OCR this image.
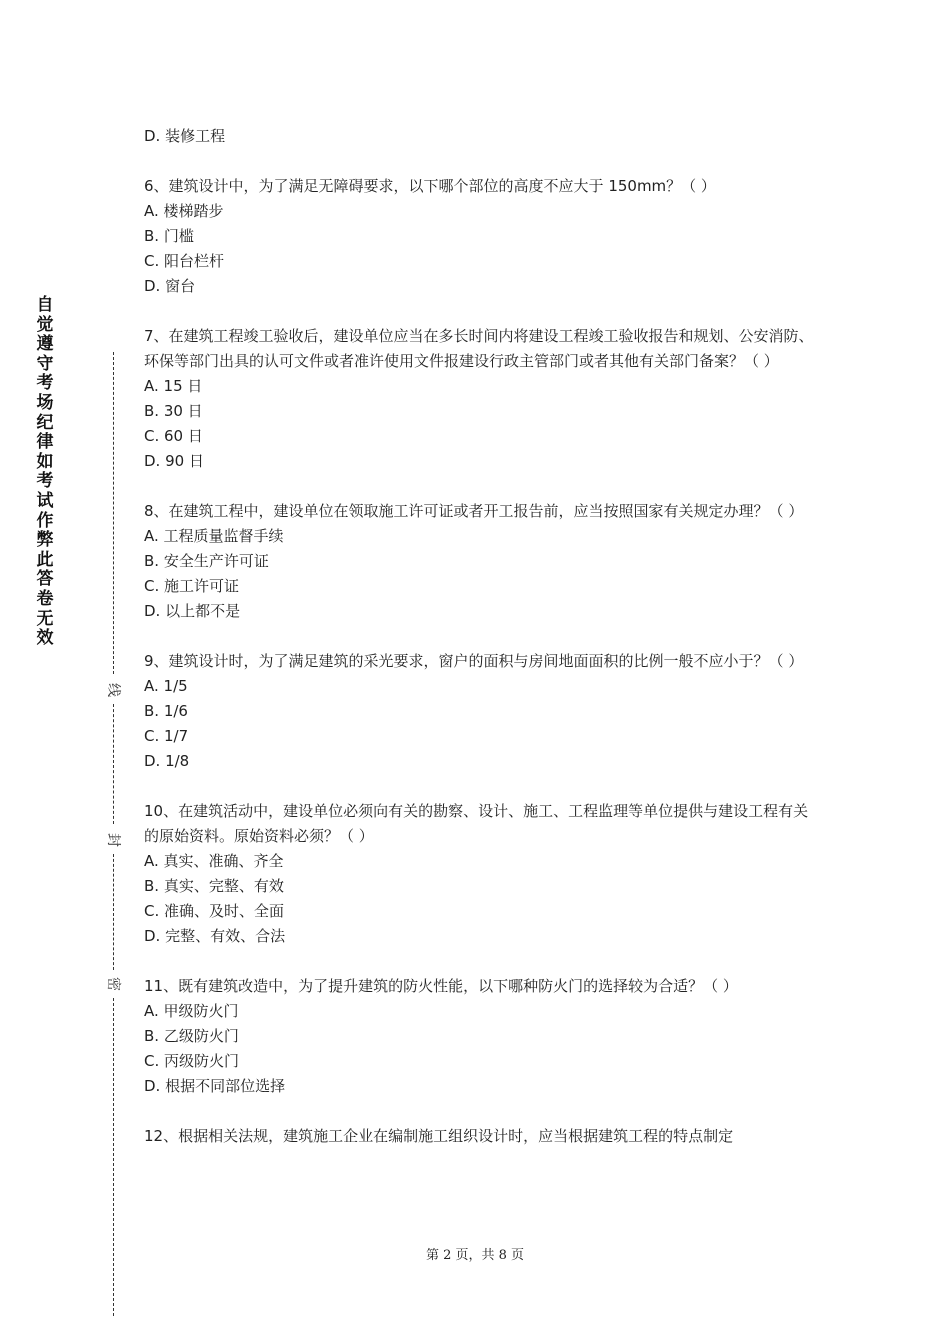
自
觉
遵
守
考
场
纪
律
如
考
试
作
弊
此
答
卷
无
效
线
封
密
D. 装修工程

6、建筑设计中，为了满足无障碍要求，以下哪个部位的高度不应大于 150mm？（ ）

A. 楼梯踏步
B. 门槛
C. 阳台栏杆
D. 窗台

7、在建筑工程竣工验收后，建设单位应当在多长时间内将建设工程竣工验收报告和规划、公安消防、环保等部门出具的认可文件或者准许使用文件报建设行政主管部门或者其他有关部门备案？（ ）

A. 15 日
B. 30 日
C. 60 日
D. 90 日

8、在建筑工程中，建设单位在领取施工许可证或者开工报告前，应当按照国家有关规定办理？（ ）

A. 工程质量监督手续
B. 安全生产许可证
C. 施工许可证
D. 以上都不是

9、建筑设计时，为了满足建筑的采光要求，窗户的面积与房间地面面积的比例一般不应小于？（ ）

A. 1/5
B. 1/6
C. 1/7
D. 1/8

10、在建筑活动中，建设单位必须向有关的勘察、设计、施工、工程监理等单位提供与建设工程有关的原始资料。原始资料必须？（ ）

A. 真实、准确、齐全
B. 真实、完整、有效
C. 准确、及时、全面
D. 完整、有效、合法

11、既有建筑改造中，为了提升建筑的防火性能，以下哪种防火门的选择较为合适？（ ）

A. 甲级防火门
B. 乙级防火门
C. 丙级防火门
D. 根据不同部位选择

12、根据相关法规，建筑施工企业在编制施工组织设计时，应当根据建筑工程的特点制定

第 2 页，共 8 页
